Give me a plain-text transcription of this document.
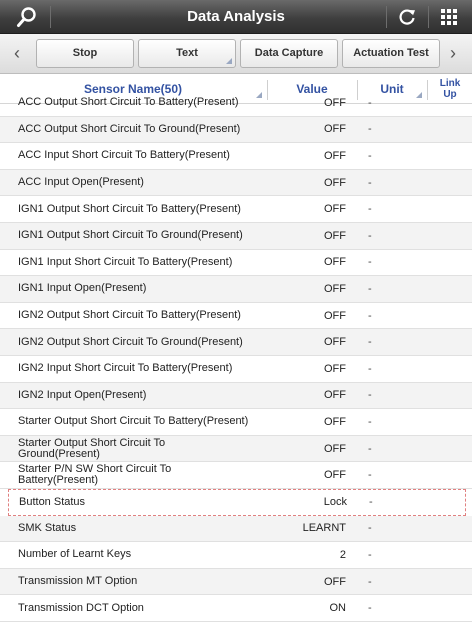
Data Analysis
‹	Stop	Text	Data Capture	Actuation Test	›
Sensor Name(50)	Value	Unit	Link
Up
ACC Output Short Circuit To Battery(Present)	OFF -
ACC Output Short Circuit To Ground(Present)	OFF -
ACC Input Short Circuit To Battery(Present)	OFF -
ACC Input Open(Present)	OFF -
IGN1 Output Short Circuit To Battery(Present)	OFF -
IGN1 Output Short Circuit To Ground(Present)	OFF -
IGN1 Input Short Circuit To Battery(Present)	OFF -
IGN1 Input Open(Present)	OFF -
IGN2 Output Short Circuit To Battery(Present)	OFF -
IGN2 Output Short Circuit To Ground(Present)	OFF -
IGN2 Input Short Circuit To Battery(Present)	OFF -
IGN2 Input Open(Present)	OFF -
Starter Output Short Circuit To Battery(Present)	OFF -
Starter Output Short Circuit To Ground(Present)	OFF -
Starter P/N SW Short Circuit To Battery(Present)	OFF -
Button Status	Lock -
SMK Status	LEARNT -
Number of Learnt Keys	2 -
Transmission MT Option	OFF -
Transmission DCT Option	ON -
